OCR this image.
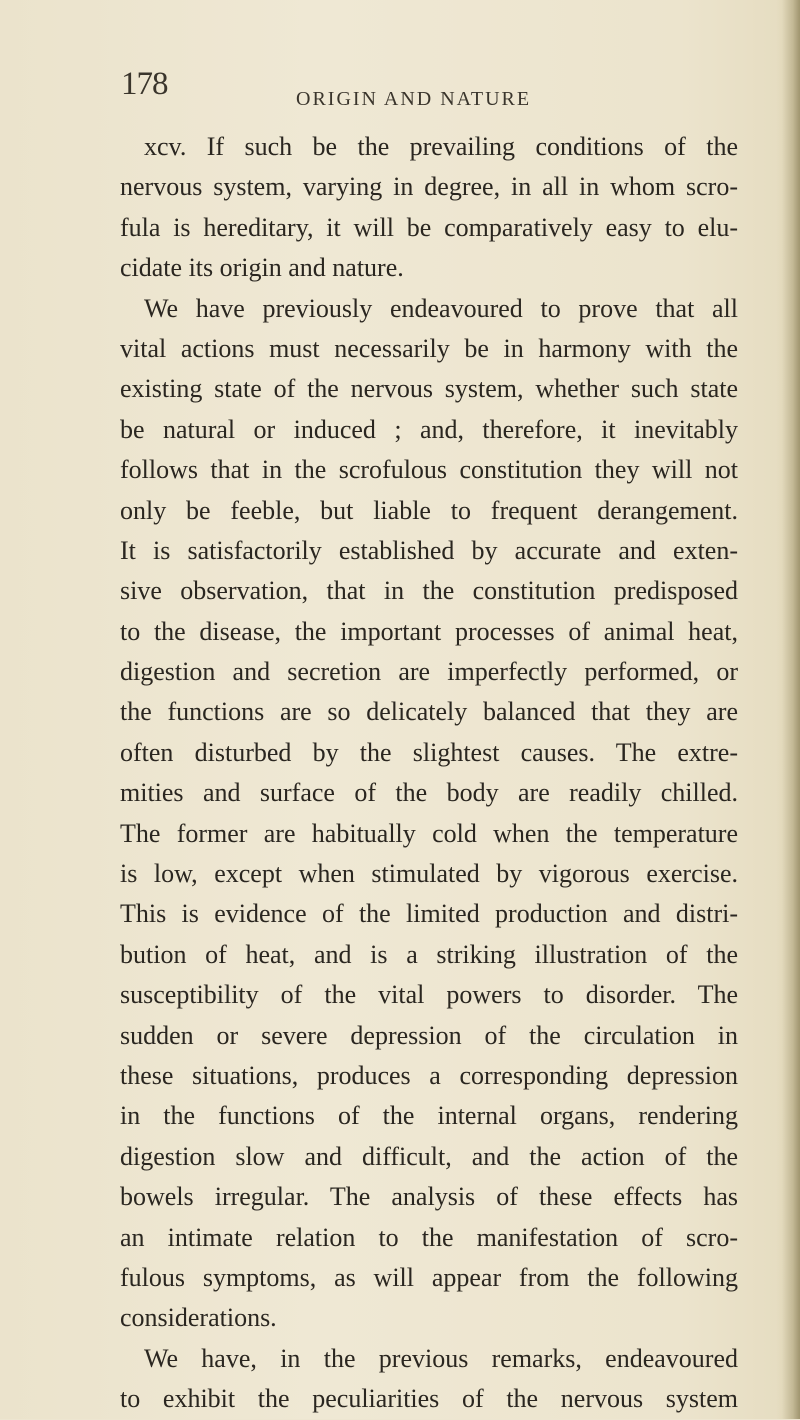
178	ORIGIN AND NATURE
xcv. If such be the prevailing conditions of the
nervous system, varying in degree, in all in whom scro-
fula is hereditary, it will be comparatively easy to elu-
cidate its origin and nature.
We have previously endeavoured to prove that all
vital actions must necessarily be in harmony with the
existing state of the nervous system, whether such state
be natural or induced ; and, therefore, it inevitably
follows that in the scrofulous constitution they will not
only be feeble, but liable to frequent derangement.
It is satisfactorily established by accurate and exten-
sive observation, that in the constitution predisposed
to the disease, the important processes of animal heat,
digestion and secretion are imperfectly performed, or
the functions are so delicately balanced that they are
often disturbed by the slightest causes. The extre-
mities and surface of the body are readily chilled.
The former are habitually cold when the temperature
is low, except when stimulated by vigorous exercise.
This is evidence of the limited production and distri-
bution of heat, and is a striking illustration of the
susceptibility of the vital powers to disorder. The
sudden or severe depression of the circulation in
these situations, produces a corresponding depression
in the functions of the internal organs, rendering
digestion slow and difficult, and the action of the
bowels irregular. The analysis of these effects has
an intimate relation to the manifestation of scro-
fulous symptoms, as will appear from the following
considerations.
We have, in the previous remarks, endeavoured
to exhibit the peculiarities of the nervous system
